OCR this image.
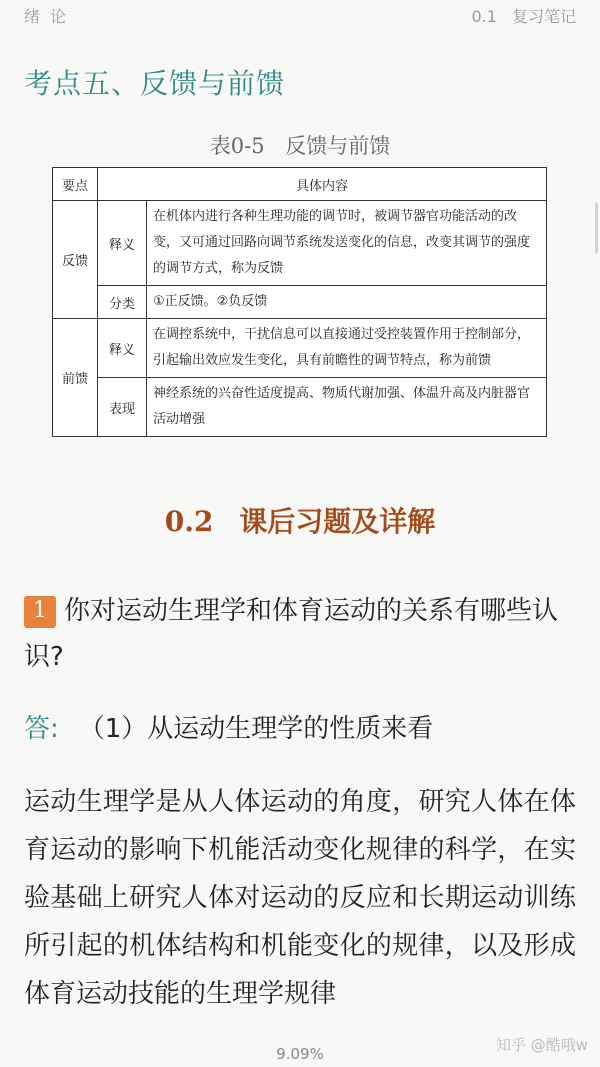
绪论	0.1 复习笔记
考点五、反馈与前馈
表0-5 反馈与前馈
要点	具体内容	
反馈	释义	在机体内进行各种生理功能的调节时，被调节器官功能活动的改变，又可通过回路向调节系统发送变化的信息，改变其调节的强度的调节方式，称为反馈
	分类	①正反馈。②负反馈
前馈	释义	在调控系统中，干扰信息可以直接通过受控装置作用于控制部分，引起输出效应发生变化，具有前瞻性的调节特点，称为前馈
	表现	神经系统的兴奋性适度提高、物质代谢加强、体温升高及内脏器官活动增强
0.2 课后习题及详解
1 你对运动生理学和体育运动的关系有哪些认识?
答: （1）从运动生理学的性质来看
运动生理学是从人体运动的角度，研究人体在体育运动的影响下机能活动变化规律的科学，在实验基础上研究人体对运动的反应和长期运动训练所引起的机体结构和机能变化的规律，以及形成体育运动技能的生理学规律
9.09%	知乎 @酷哦w
